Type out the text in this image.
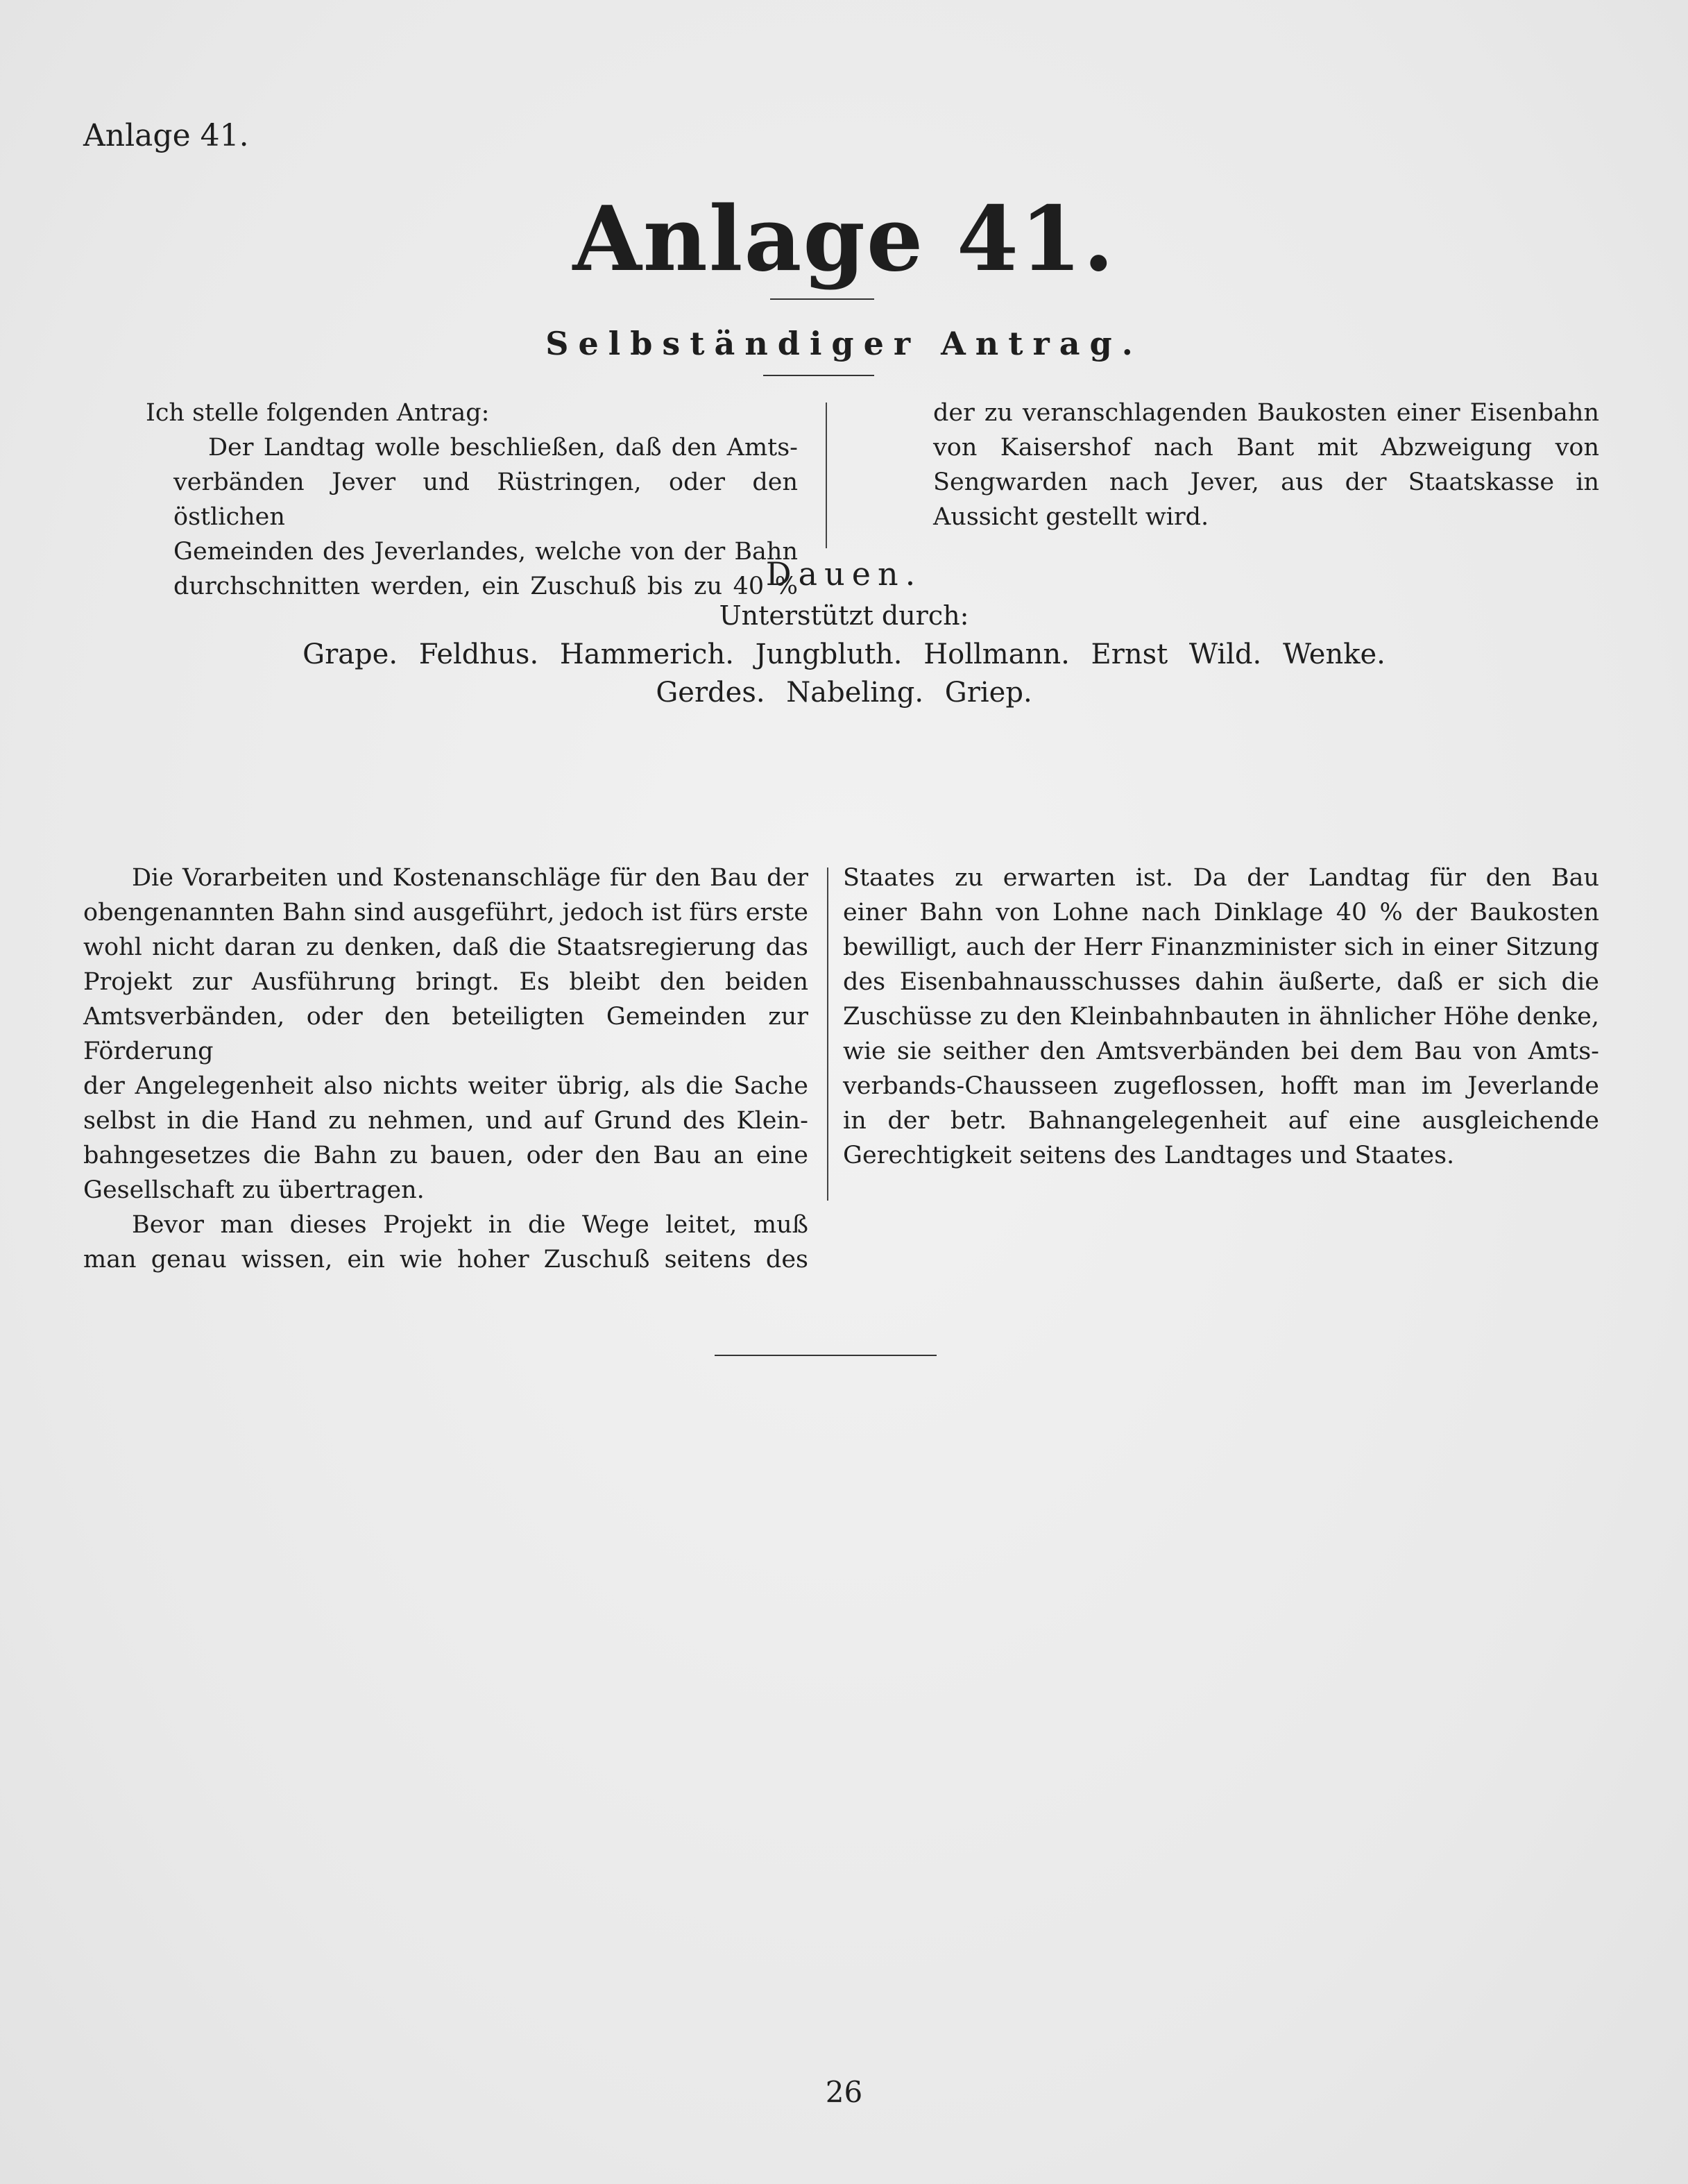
Anlage 41.
Anlage 41.
Selbständiger Antrag.

Ich stelle folgenden Antrag:

Der Landtag wolle beschließen, daß den Amts-

verbänden Jever und Rüstringen, oder den östlichen

Gemeinden des Jeverlandes, welche von der Bahn

durchschnitten werden, ein Zuschuß bis zu 40 %

der zu veranschlagenden Baukosten einer Eisenbahn

von Kaisershof nach Bant mit Abzweigung von

Sengwarden nach Jever, aus der Staatskasse in

Aussicht gestellt wird.

Dauen.
Unterstützt durch:
Grape. Feldhus. Hammerich. Jungbluth. Hollmann. Ernst Wild. Wenke.
Gerdes. Nabeling. Griep.

Die Vorarbeiten und Kostenanschläge für den Bau der

obengenannten Bahn sind ausgeführt, jedoch ist fürs erste

wohl nicht daran zu denken, daß die Staatsregierung das

Projekt zur Ausführung bringt. Es bleibt den beiden

Amtsverbänden, oder den beteiligten Gemeinden zur Förderung

der Angelegenheit also nichts weiter übrig, als die Sache

selbst in die Hand zu nehmen, und auf Grund des Klein-

bahngesetzes die Bahn zu bauen, oder den Bau an eine

Gesellschaft zu übertragen.

Bevor man dieses Projekt in die Wege leitet, muß

man genau wissen, ein wie hoher Zuschuß seitens des

Staates zu erwarten ist. Da der Landtag für den Bau

einer Bahn von Lohne nach Dinklage 40 % der Baukosten

bewilligt, auch der Herr Finanzminister sich in einer Sitzung

des Eisenbahnausschusses dahin äußerte, daß er sich die

Zuschüsse zu den Kleinbahnbauten in ähnlicher Höhe denke,

wie sie seither den Amtsverbänden bei dem Bau von Amts-

verbands-Chausseen zugeflossen, hofft man im Jeverlande

in der betr. Bahnangelegenheit auf eine ausgleichende

Gerechtigkeit seitens des Landtages und Staates.

26
